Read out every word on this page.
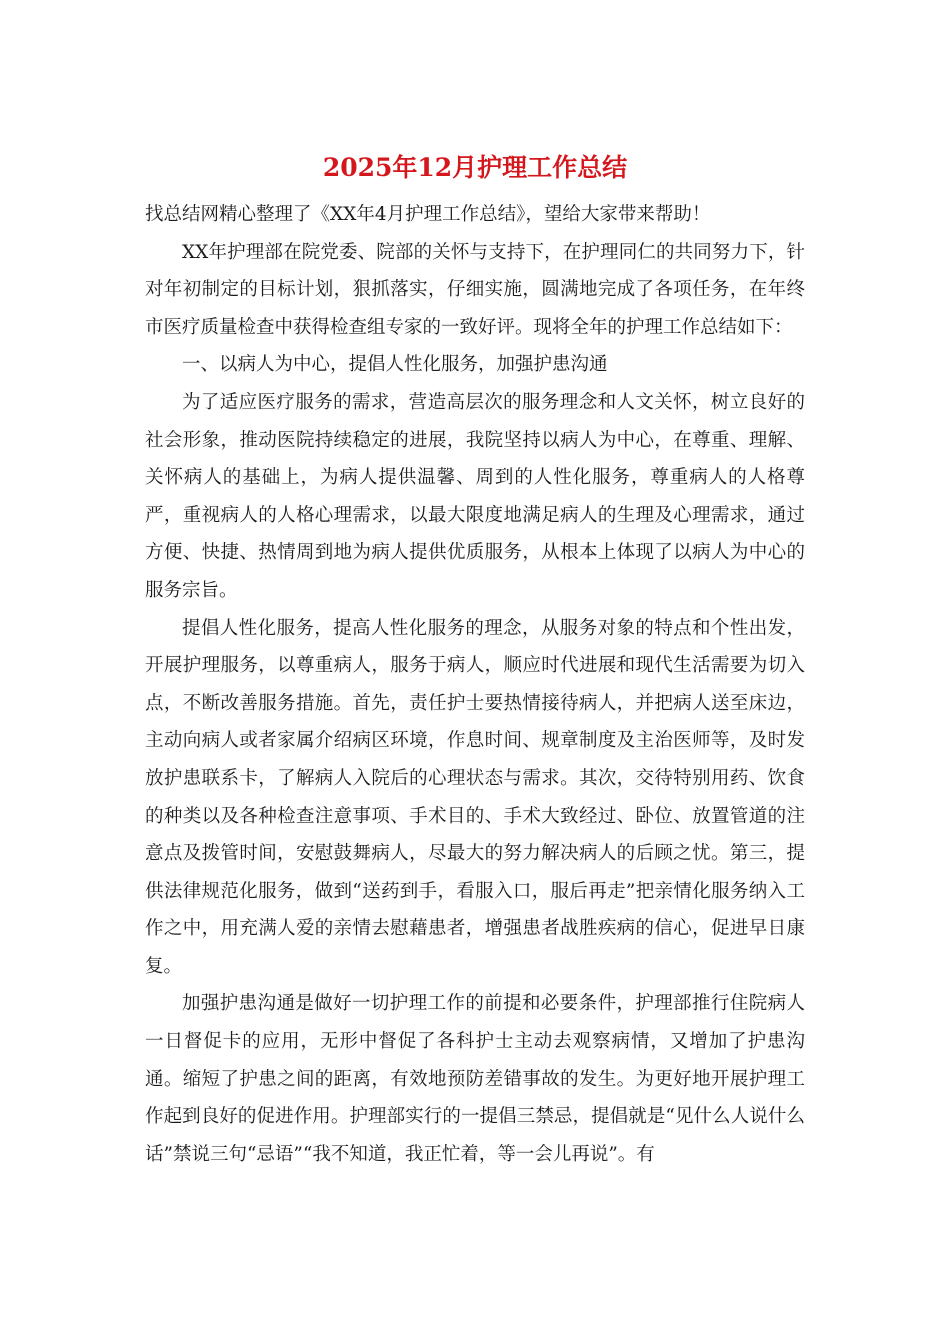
2025年12月护理工作总结

找总结网精心整理了《XX年4月护理工作总结》，望给大家带来帮助！

XX年护理部在院党委、院部的关怀与支持下，在护理同仁的共同努力下，针对年初制定的目标计划，狠抓落实，仔细实施，圆满地完成了各项任务，在年终市医疗质量检查中获得检查组专家的一致好评。现将全年的护理工作总结如下：

一、以病人为中心，提倡人性化服务，加强护患沟通

为了适应医疗服务的需求，营造高层次的服务理念和人文关怀，树立良好的社会形象，推动医院持续稳定的进展，我院坚持以病人为中心，在尊重、理解、关怀病人的基础上，为病人提供温馨、周到的人性化服务，尊重病人的人格尊严，重视病人的人格心理需求，以最大限度地满足病人的生理及心理需求，通过方便、快捷、热情周到地为病人提供优质服务，从根本上体现了以病人为中心的服务宗旨。

提倡人性化服务，提高人性化服务的理念，从服务对象的特点和个性出发，开展护理服务，以尊重病人，服务于病人，顺应时代进展和现代生活需要为切入点，不断改善服务措施。首先，责任护士要热情接待病人，并把病人送至床边，主动向病人或者家属介绍病区环境，作息时间、规章制度及主治医师等，及时发放护患联系卡，了解病人入院后的心理状态与需求。其次，交待特别用药、饮食的种类以及各种检查注意事项、手术目的、手术大致经过、卧位、放置管道的注意点及拨管时间，安慰鼓舞病人，尽最大的努力解决病人的后顾之忧。第三，提供法律规范化服务，做到“送药到手，看服入口，服后再走”把亲情化服务纳入工作之中，用充满人爱的亲情去慰藉患者，增强患者战胜疾病的信心，促进早日康复。

加强护患沟通是做好一切护理工作的前提和必要条件，护理部推行住院病人一日督促卡的应用，无形中督促了各科护士主动去观察病情，又增加了护患沟通。缩短了护患之间的距离，有效地预防差错事故的发生。为更好地开展护理工作起到良好的促进作用。护理部实行的一提倡三禁忌，提倡就是“见什么人说什么话”禁说三句“忌语”“我不知道，我正忙着，等一会儿再说”。有
